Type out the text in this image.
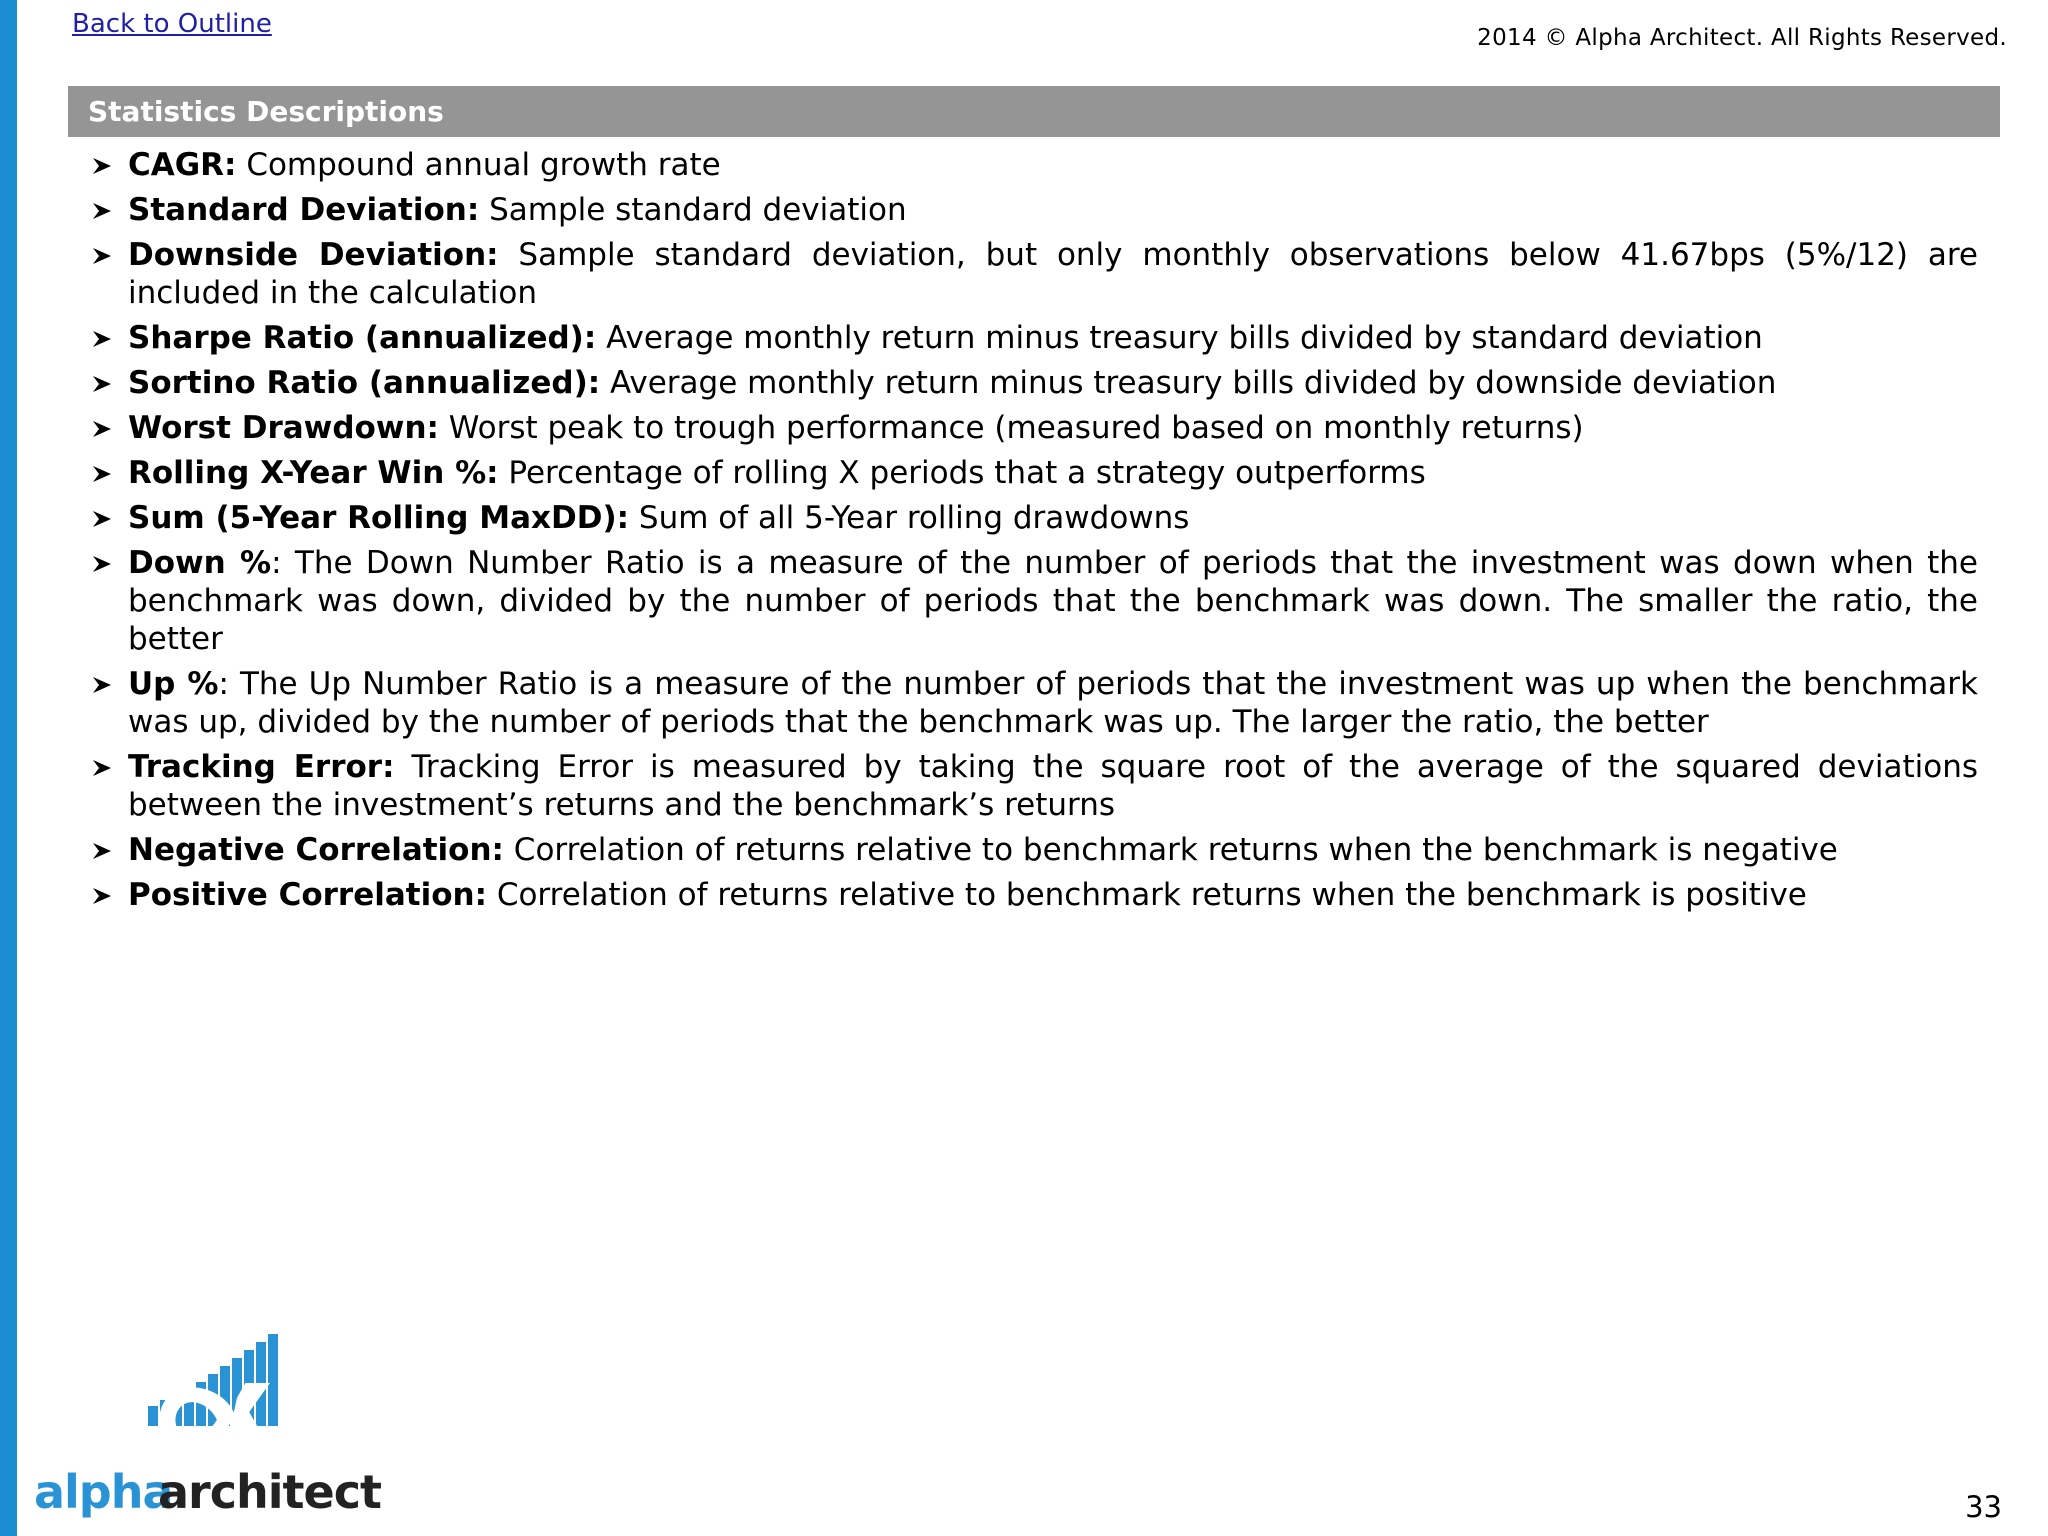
Back to Outline	2014 © Alpha Architect. All Rights Reserved.
Statistics Descriptions
CAGR: Compound annual growth rate
Standard Deviation: Sample standard deviation
Downside Deviation: Sample standard deviation, but only monthly observations below 41.67bps (5%/12) are included in the calculation
Sharpe Ratio (annualized): Average monthly return minus treasury bills divided by standard deviation
Sortino Ratio (annualized): Average monthly return minus treasury bills divided by downside deviation
Worst Drawdown: Worst peak to trough performance (measured based on monthly returns)
Rolling X-Year Win %: Percentage of rolling X periods that a strategy outperforms
Sum (5-Year Rolling MaxDD): Sum of all 5-Year rolling drawdowns
Down %: The Down Number Ratio is a measure of the number of periods that the investment was down when the benchmark was down, divided by the number of periods that the benchmark was down. The smaller the ratio, the better
Up %: The Up Number Ratio is a measure of the number of periods that the investment was up when the benchmark was up, divided by the number of periods that the benchmark was up. The larger the ratio, the better
Tracking Error: Tracking Error is measured by taking the square root of the average of the squared deviations between the investment’s returns and the benchmark’s returns
Negative Correlation: Correlation of returns relative to benchmark returns when the benchmark is negative
Positive Correlation: Correlation of returns relative to benchmark returns when the benchmark is positive
alpha
architect	33
